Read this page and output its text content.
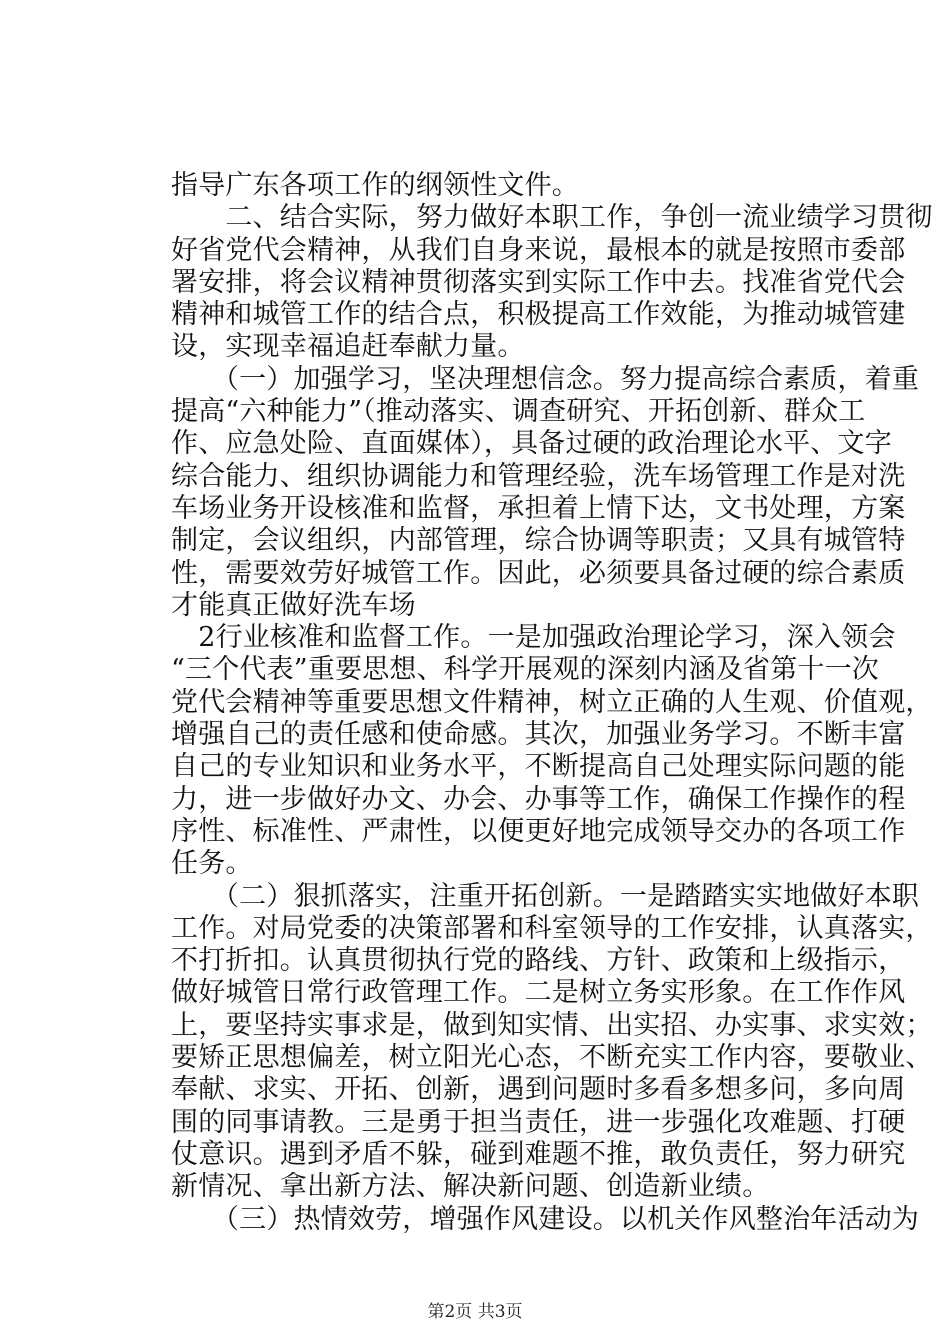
指导广东各项工作的纲领性文件。
　　二、结合实际，努力做好本职工作，争创一流业绩学习贯彻
好省党代会精神，从我们自身来说，最根本的就是按照市委部
署安排，将会议精神贯彻落实到实际工作中去。找准省党代会
精神和城管工作的结合点，积极提高工作效能，为推动城管建
设，实现幸福追赶奉献力量。
　　（一）加强学习，坚决理想信念。努力提高综合素质，着重
提高“六种能力”（推动落实、调查研究、开拓创新、群众工
作、应急处险、直面媒体），具备过硬的政治理论水平、文字
综合能力、组织协调能力和管理经验，洗车场管理工作是对洗
车场业务开设核准和监督，承担着上情下达，文书处理，方案
制定，会议组织，内部管理，综合协调等职责；又具有城管特
性，需要效劳好城管工作。因此，必须要具备过硬的综合素质
才能真正做好洗车场
　2行业核准和监督工作。一是加强政治理论学习，深入领会
“三个代表”重要思想、科学开展观的深刻内涵及省第十一次
党代会精神等重要思想文件精神，树立正确的人生观、价值观，
增强自己的责任感和使命感。其次，加强业务学习。不断丰富
自己的专业知识和业务水平，不断提高自己处理实际问题的能
力，进一步做好办文、办会、办事等工作，确保工作操作的程
序性、标准性、严肃性，以便更好地完成领导交办的各项工作
任务。
　　（二）狠抓落实，注重开拓创新。一是踏踏实实地做好本职
工作。对局党委的决策部署和科室领导的工作安排，认真落实，
不打折扣。认真贯彻执行党的路线、方针、政策和上级指示，
做好城管日常行政管理工作。二是树立务实形象。在工作作风
上，要坚持实事求是，做到知实情、出实招、办实事、求实效；
要矫正思想偏差，树立阳光心态，不断充实工作内容，要敬业、
奉献、求实、开拓、创新，遇到问题时多看多想多问，多向周
围的同事请教。三是勇于担当责任，进一步强化攻难题、打硬
仗意识。遇到矛盾不躲，碰到难题不推，敢负责任，努力研究
新情况、拿出新方法、解决新问题、创造新业绩。
　　（三）热情效劳，增强作风建设。以机关作风整治年活动为
第2页 共3页
